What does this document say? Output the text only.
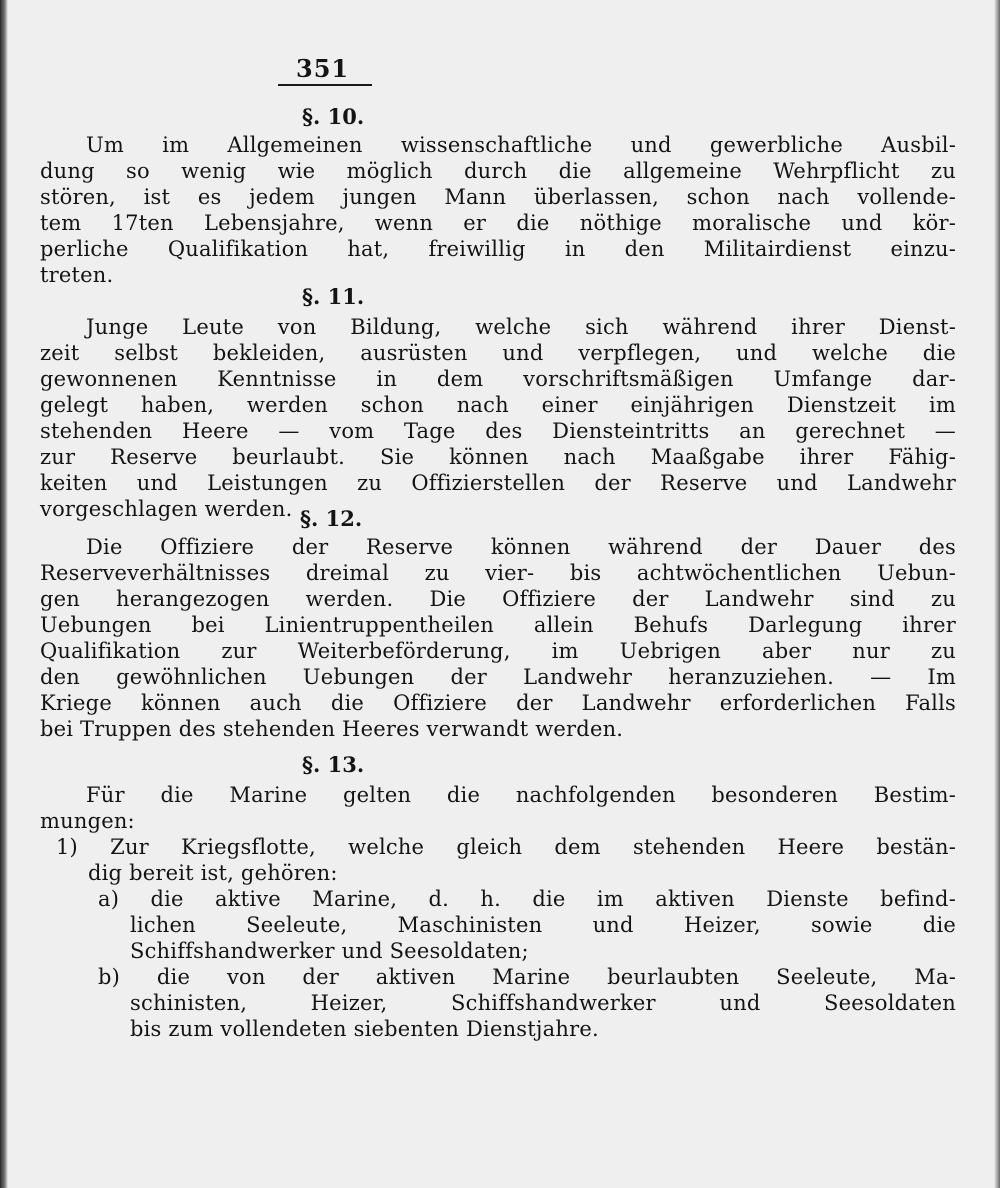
351
§. 10.
Um im Allgemeinen wissenschaftliche und gewerbliche Ausbil-
dung so wenig wie möglich durch die allgemeine Wehrpflicht zu
stören, ist es jedem jungen Mann überlassen, schon nach vollende-
tem 17ten Lebensjahre, wenn er die nöthige moralische und kör-
perliche Qualifikation hat, freiwillig in den Militairdienst einzu-
treten.
§. 11.
Junge Leute von Bildung, welche sich während ihrer Dienst-
zeit selbst bekleiden, ausrüsten und verpflegen, und welche die
gewonnenen Kenntnisse in dem vorschriftsmäßigen Umfange dar-
gelegt haben, werden schon nach einer einjährigen Dienstzeit im
stehenden Heere — vom Tage des Diensteintritts an gerechnet —
zur Reserve beurlaubt. Sie können nach Maaßgabe ihrer Fähig-
keiten und Leistungen zu Offizierstellen der Reserve und Landwehr
vorgeschlagen werden. §. 12.
Die Offiziere der Reserve können während der Dauer des
Reserveverhältnisses dreimal zu vier- bis achtwöchentlichen Uebun-
gen herangezogen werden. Die Offiziere der Landwehr sind zu
Uebungen bei Linientruppentheilen allein Behufs Darlegung ihrer
Qualifikation zur Weiterbeförderung, im Uebrigen aber nur zu
den gewöhnlichen Uebungen der Landwehr heranzuziehen. — Im
Kriege können auch die Offiziere der Landwehr erforderlichen Falls
bei Truppen des stehenden Heeres verwandt werden.
§. 13.
Für die Marine gelten die nachfolgenden besonderen Bestim-
mungen:
1) Zur Kriegsflotte, welche gleich dem stehenden Heere bestän-
dig bereit ist, gehören:
a) die aktive Marine, d. h. die im aktiven Dienste befind-
lichen Seeleute, Maschinisten und Heizer, sowie die
Schiffshandwerker und Seesoldaten;
b) die von der aktiven Marine beurlaubten Seeleute, Ma-
schinisten, Heizer, Schiffshandwerker und Seesoldaten
bis zum vollendeten siebenten Dienstjahre.
